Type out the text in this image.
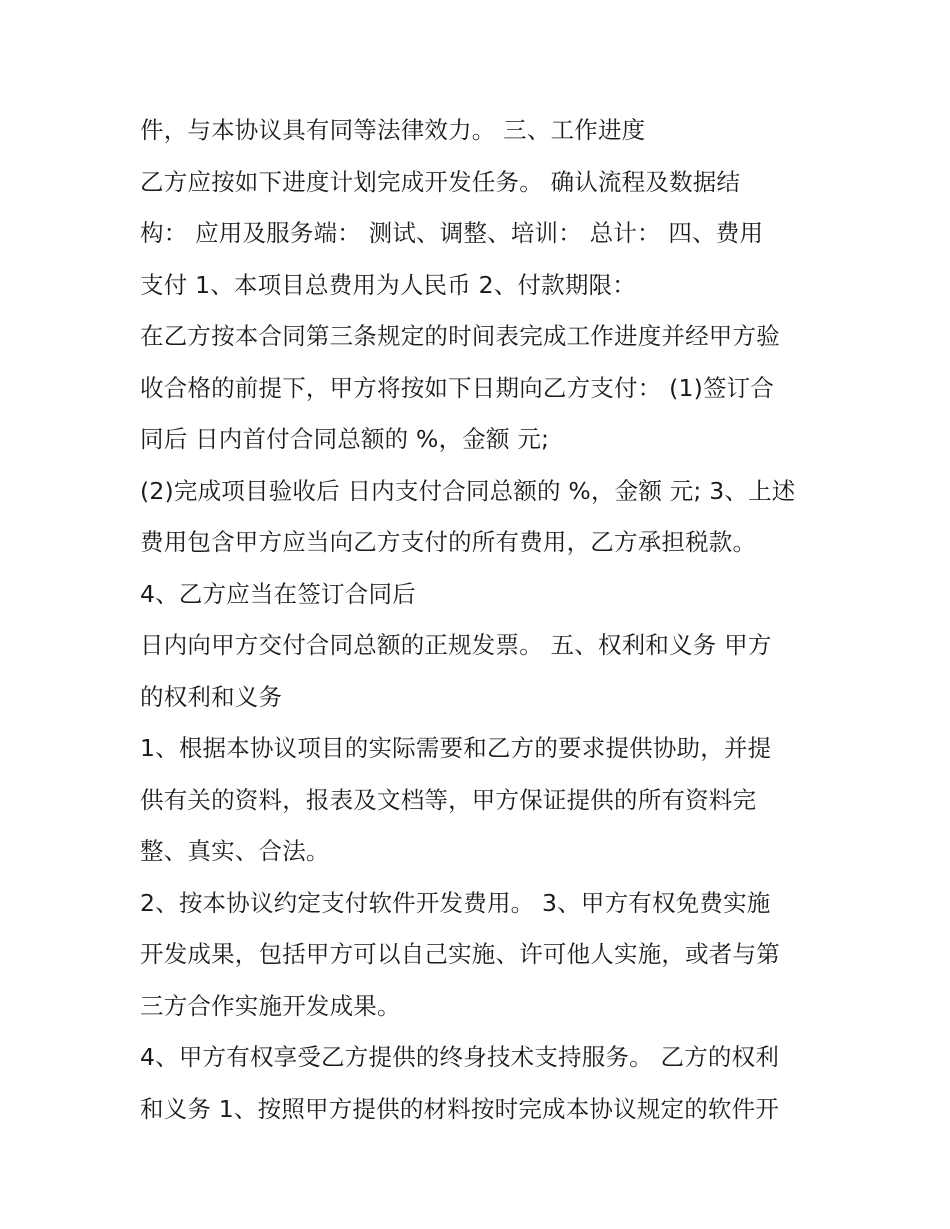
件，与本协议具有同等法律效力。 三、工作进度
乙方应按如下进度计划完成开发任务。 确认流程及数据结
构： 应用及服务端： 测试、调整、培训： 总计： 四、费用
支付 1、本项目总费用为人民币 2、付款期限：
在乙方按本合同第三条规定的时间表完成工作进度并经甲方验
收合格的前提下，甲方将按如下日期向乙方支付： (1)签订合
同后 日内首付合同总额的 %，金额 元;
(2)完成项目验收后 日内支付合同总额的 %，金额 元; 3、上述
费用包含甲方应当向乙方支付的所有费用，乙方承担税款。
4、乙方应当在签订合同后
日内向甲方交付合同总额的正规发票。 五、权利和义务 甲方
的权利和义务
1、根据本协议项目的实际需要和乙方的要求提供协助，并提
供有关的资料，报表及文档等，甲方保证提供的所有资料完
整、真实、合法。
2、按本协议约定支付软件开发费用。 3、甲方有权免费实施
开发成果，包括甲方可以自己实施、许可他人实施，或者与第
三方合作实施开发成果。
4、甲方有权享受乙方提供的终身技术支持服务。 乙方的权利
和义务 1、按照甲方提供的材料按时完成本协议规定的软件开
